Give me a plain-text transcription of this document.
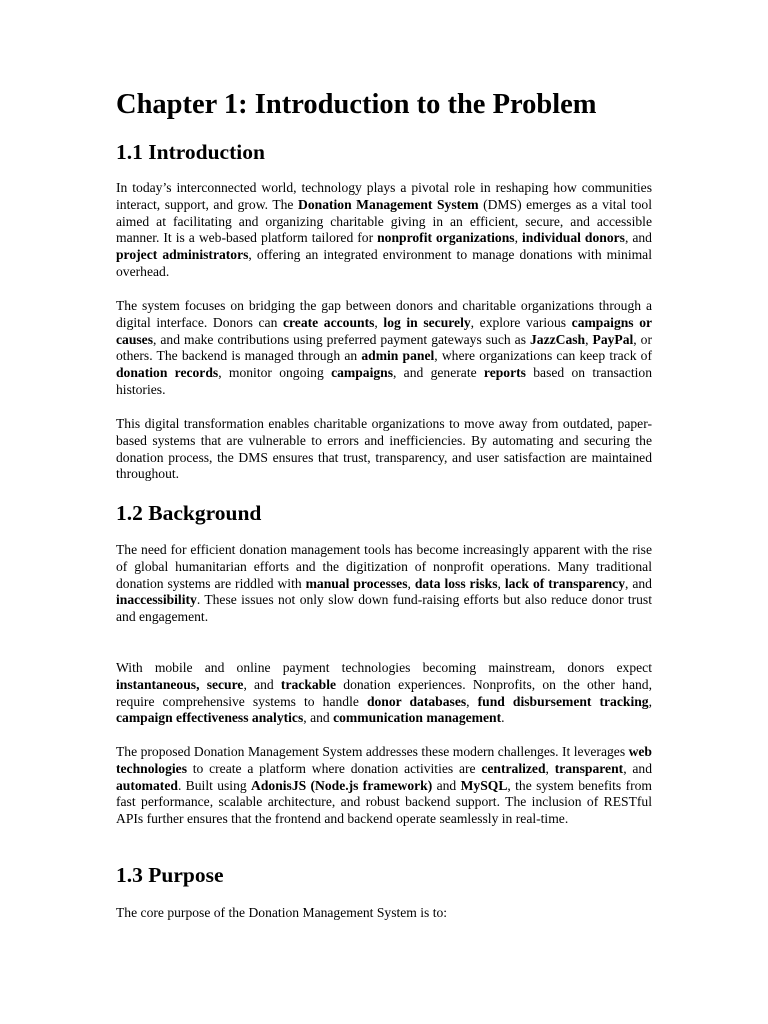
Chapter 1: Introduction to the Problem
1.1 Introduction

In today’s interconnected world, technology plays a pivotal role in reshaping how communities interact, support, and grow. The Donation Management System (DMS) emerges as a vital tool aimed at facilitating and organizing charitable giving in an efficient, secure, and accessible manner. It is a web-based platform tailored for nonprofit organizations, individual donors, and project administrators, offering an integrated environment to manage donations with minimal overhead.

The system focuses on bridging the gap between donors and charitable organizations through a digital interface. Donors can create accounts, log in securely, explore various campaigns or causes, and make contributions using preferred payment gateways such as JazzCash, PayPal, or others. The backend is managed through an admin panel, where organizations can keep track of donation records, monitor ongoing campaigns, and generate reports based on transaction histories.

This digital transformation enables charitable organizations to move away from outdated, paper-based systems that are vulnerable to errors and inefficiencies. By automating and securing the donation process, the DMS ensures that trust, transparency, and user satisfaction are maintained throughout.

1.2 Background

The need for efficient donation management tools has become increasingly apparent with the rise of global humanitarian efforts and the digitization of nonprofit operations. Many traditional donation systems are riddled with manual processes, data loss risks, lack of transparency, and inaccessibility. These issues not only slow down fund-raising efforts but also reduce donor trust and engagement.

With mobile and online payment technologies becoming mainstream, donors expect instantaneous, secure, and trackable donation experiences. Nonprofits, on the other hand, require comprehensive systems to handle donor databases, fund disbursement tracking, campaign effectiveness analytics, and communication management.

The proposed Donation Management System addresses these modern challenges. It leverages web technologies to create a platform where donation activities are centralized, transparent, and automated. Built using AdonisJS (Node.js framework) and MySQL, the system benefits from fast performance, scalable architecture, and robust backend support. The inclusion of RESTful APIs further ensures that the frontend and backend operate seamlessly in real-time.

1.3 Purpose

The core purpose of the Donation Management System is to:
